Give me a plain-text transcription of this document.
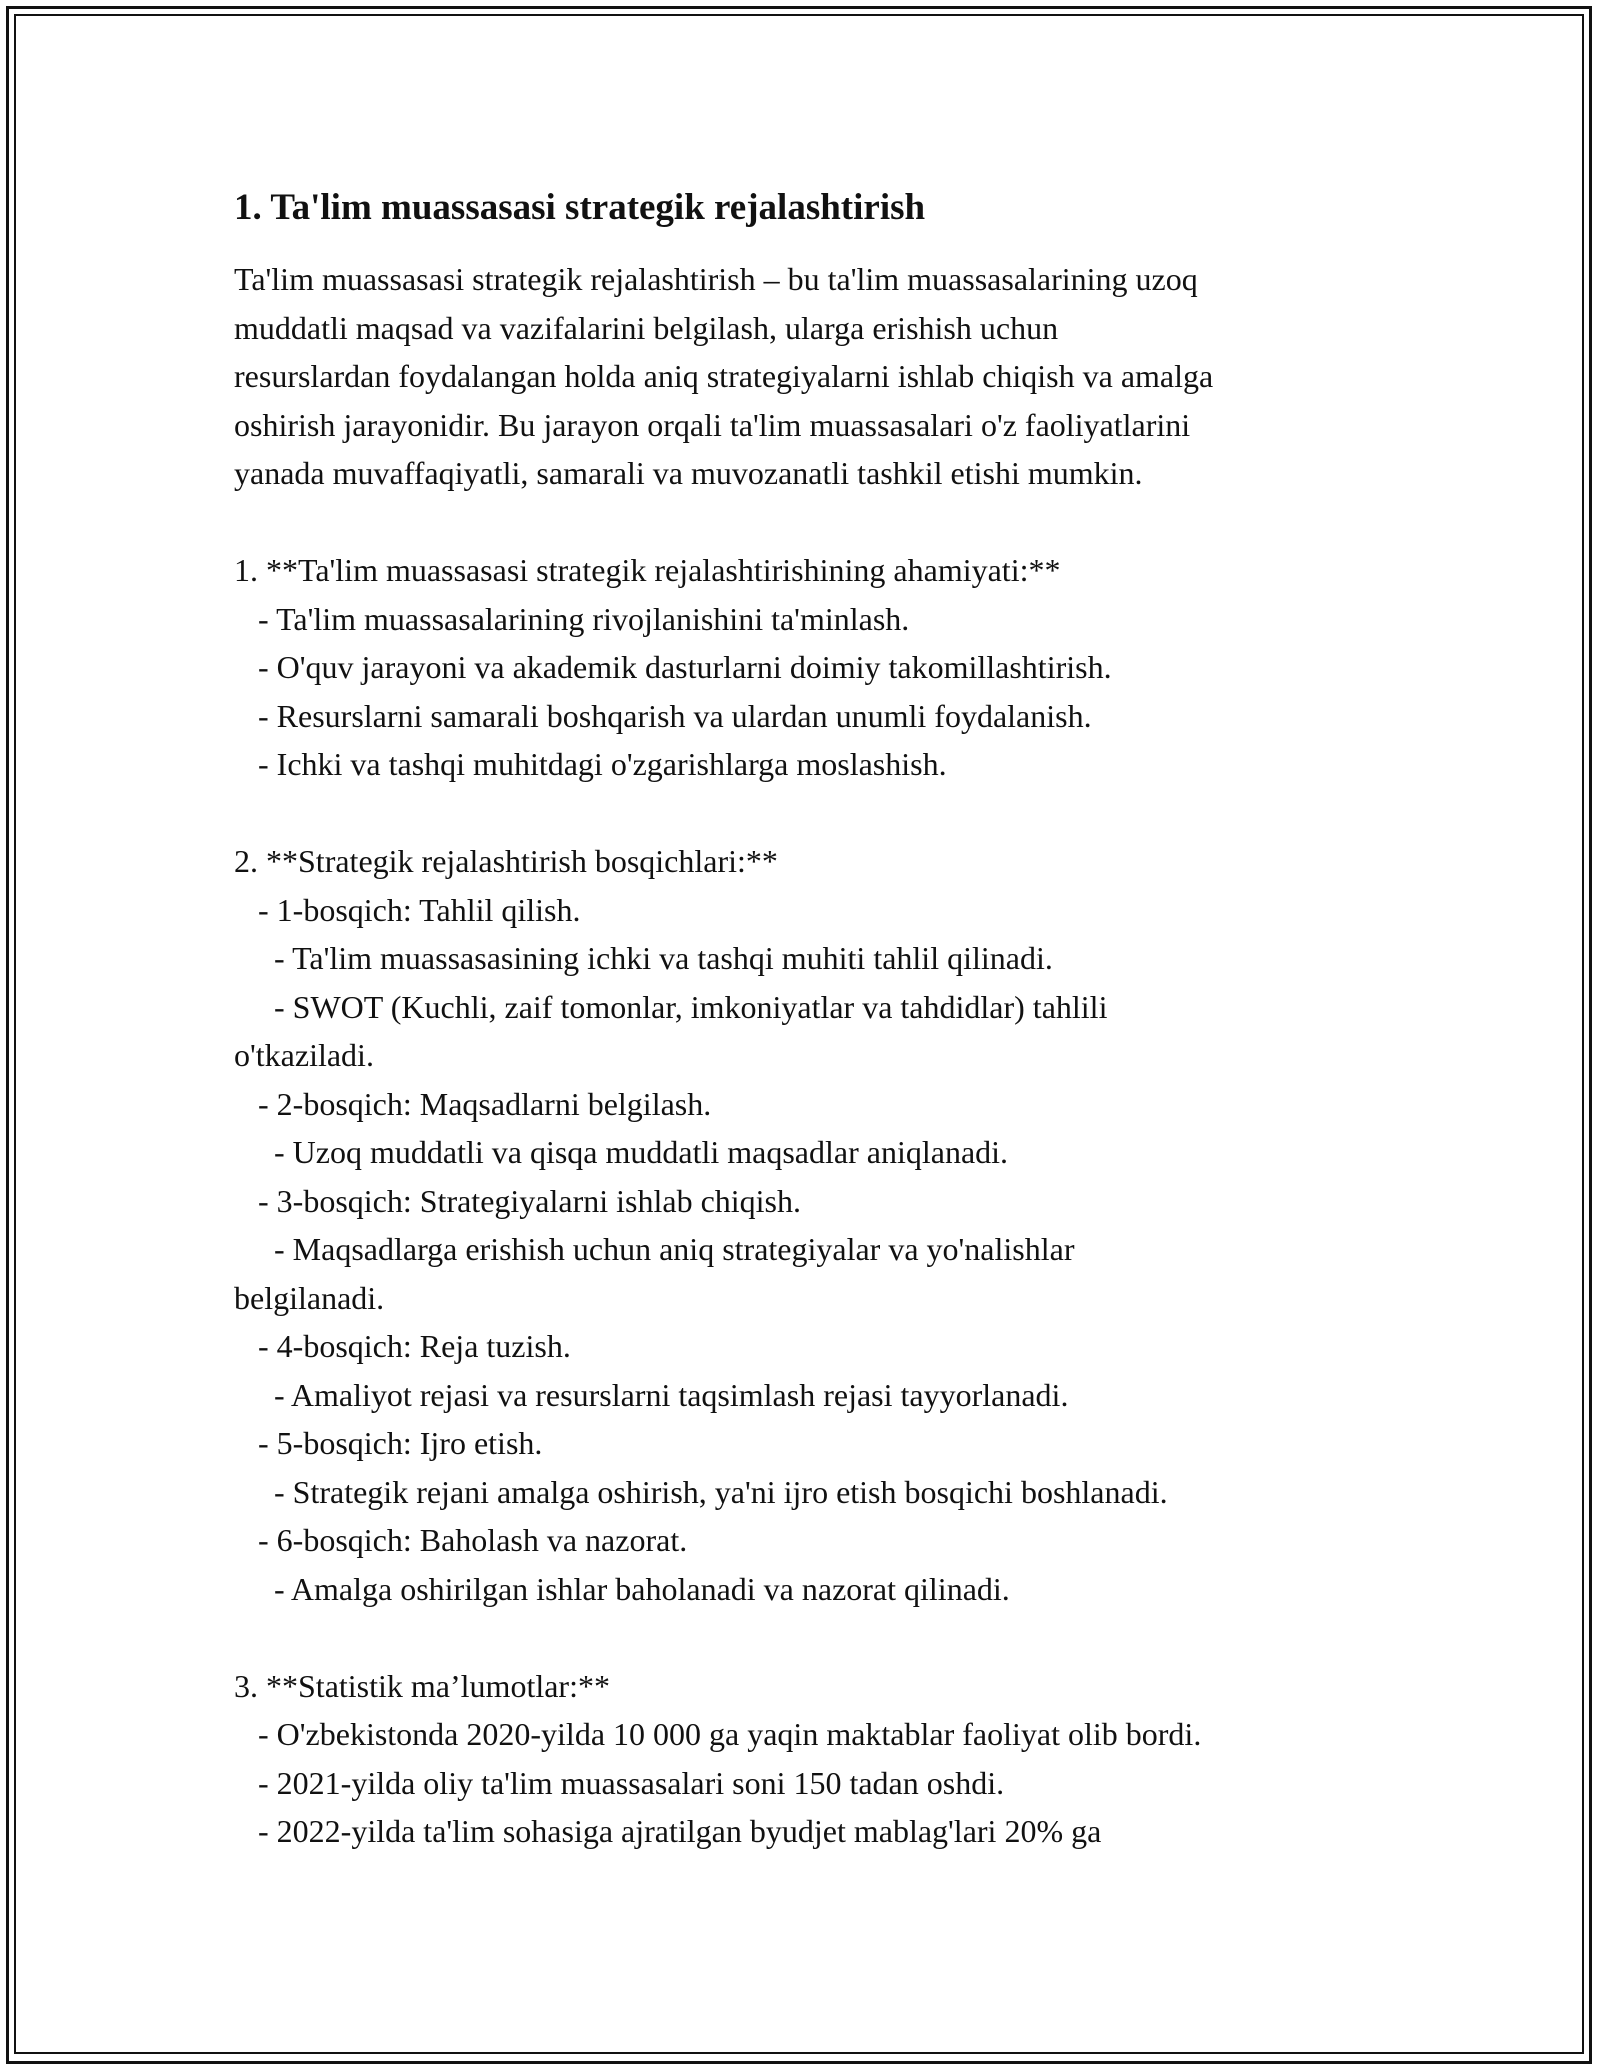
1. Ta'lim muassasasi strategik rejalashtirish
Ta'lim muassasasi strategik rejalashtirish – bu ta'lim muassasalarining uzoq
muddatli maqsad va vazifalarini belgilash, ularga erishish uchun
resurslardan foydalangan holda aniq strategiyalarni ishlab chiqish va amalga
oshirish jarayonidir. Bu jarayon orqali ta'lim muassasalari o'z faoliyatlarini
yanada muvaffaqiyatli, samarali va muvozanatli tashkil etishi mumkin.
1. **Ta'lim muassasasi strategik rejalashtirishining ahamiyati:**
- Ta'lim muassasalarining rivojlanishini ta'minlash.
- O'quv jarayoni va akademik dasturlarni doimiy takomillashtirish.
- Resurslarni samarali boshqarish va ulardan unumli foydalanish.
- Ichki va tashqi muhitdagi o'zgarishlarga moslashish.
2. **Strategik rejalashtirish bosqichlari:**
- 1-bosqich: Tahlil qilish.
- Ta'lim muassasasining ichki va tashqi muhiti tahlil qilinadi.
- SWOT (Kuchli, zaif tomonlar, imkoniyatlar va tahdidlar) tahlili
o'tkaziladi.
- 2-bosqich: Maqsadlarni belgilash.
- Uzoq muddatli va qisqa muddatli maqsadlar aniqlanadi.
- 3-bosqich: Strategiyalarni ishlab chiqish.
- Maqsadlarga erishish uchun aniq strategiyalar va yo'nalishlar
belgilanadi.
- 4-bosqich: Reja tuzish.
- Amaliyot rejasi va resurslarni taqsimlash rejasi tayyorlanadi.
- 5-bosqich: Ijro etish.
- Strategik rejani amalga oshirish, ya'ni ijro etish bosqichi boshlanadi.
- 6-bosqich: Baholash va nazorat.
- Amalga oshirilgan ishlar baholanadi va nazorat qilinadi.
3. **Statistik ma’lumotlar:**
- O'zbekistonda 2020-yilda 10 000 ga yaqin maktablar faoliyat olib bordi.
- 2021-yilda oliy ta'lim muassasalari soni 150 tadan oshdi.
- 2022-yilda ta'lim sohasiga ajratilgan byudjet mablag'lari 20% ga
